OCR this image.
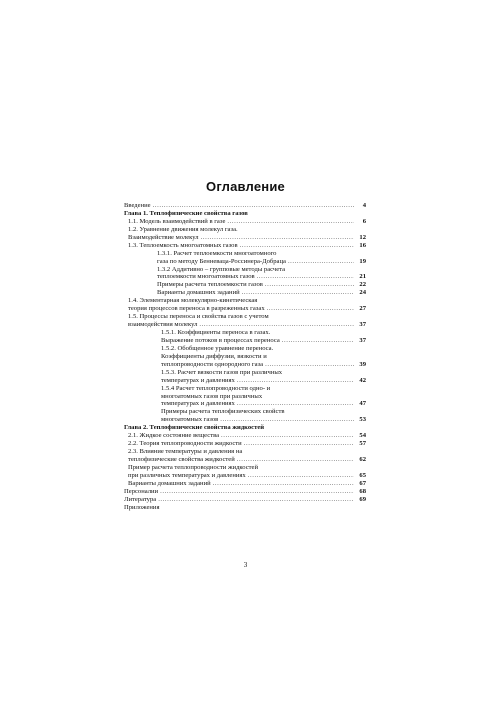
Оглавление
Введение .....	4
Глава 1. Теплофизические свойства газов
1.1. Модель взаимодействий в газе .....	6
1.2. Уравнение движения молекул газа.
Взаимодействие молекул .....	12
1.3. Теплоемкость многоатомных газов .....	16
1.3.1. Расчет теплоемкости многоатомного
газа по методу Бенневаца-Россинера-Добраца .....	19
1.3.2 Аддитивно – групповые методы расчета
теплоемкости многоатомных газов .....	21
Примеры расчета теплоемкости газов .....	22
Варианты домашних заданий .....	24
1.4. Элементарная молекулярно-кинетическая
теория процессов переноса в разреженных газах .....	27
1.5. Процессы переноса и свойства газов с учетом
взаимодействия молекул .....	37
1.5.1. Коэффициенты переноса в газах.
Выражение потоков в процессах переноса .....	37
1.5.2. Обобщенное уравнение переноса.
Коэффициенты диффузии, вязкости и
теплопроводности однородного газа .....	39
1.5.3. Расчет вязкости газов при различных
температурах и давлениях .....	42
1.5.4 Расчет теплопроводности одно- и
многоатомных газов при различных
температурах и давлениях .....	47
Примеры расчета теплофизических свойств
многоатомных газов .....	53
Глава 2. Теплофизические свойства жидкостей
2.1. Жидкое состояние вещества .....	54
2.2. Теория теплопроводности жидкости .....	57
2.3. Влияние температуры и давления на
теплофизические свойства жидкостей .....	62
Пример расчета теплопроводности жидкостей
при различных температурах и давлениях .....	65
Варианты домашних заданий .....	67
Персоналии .....	68
Литература .....	69
Приложения
3
